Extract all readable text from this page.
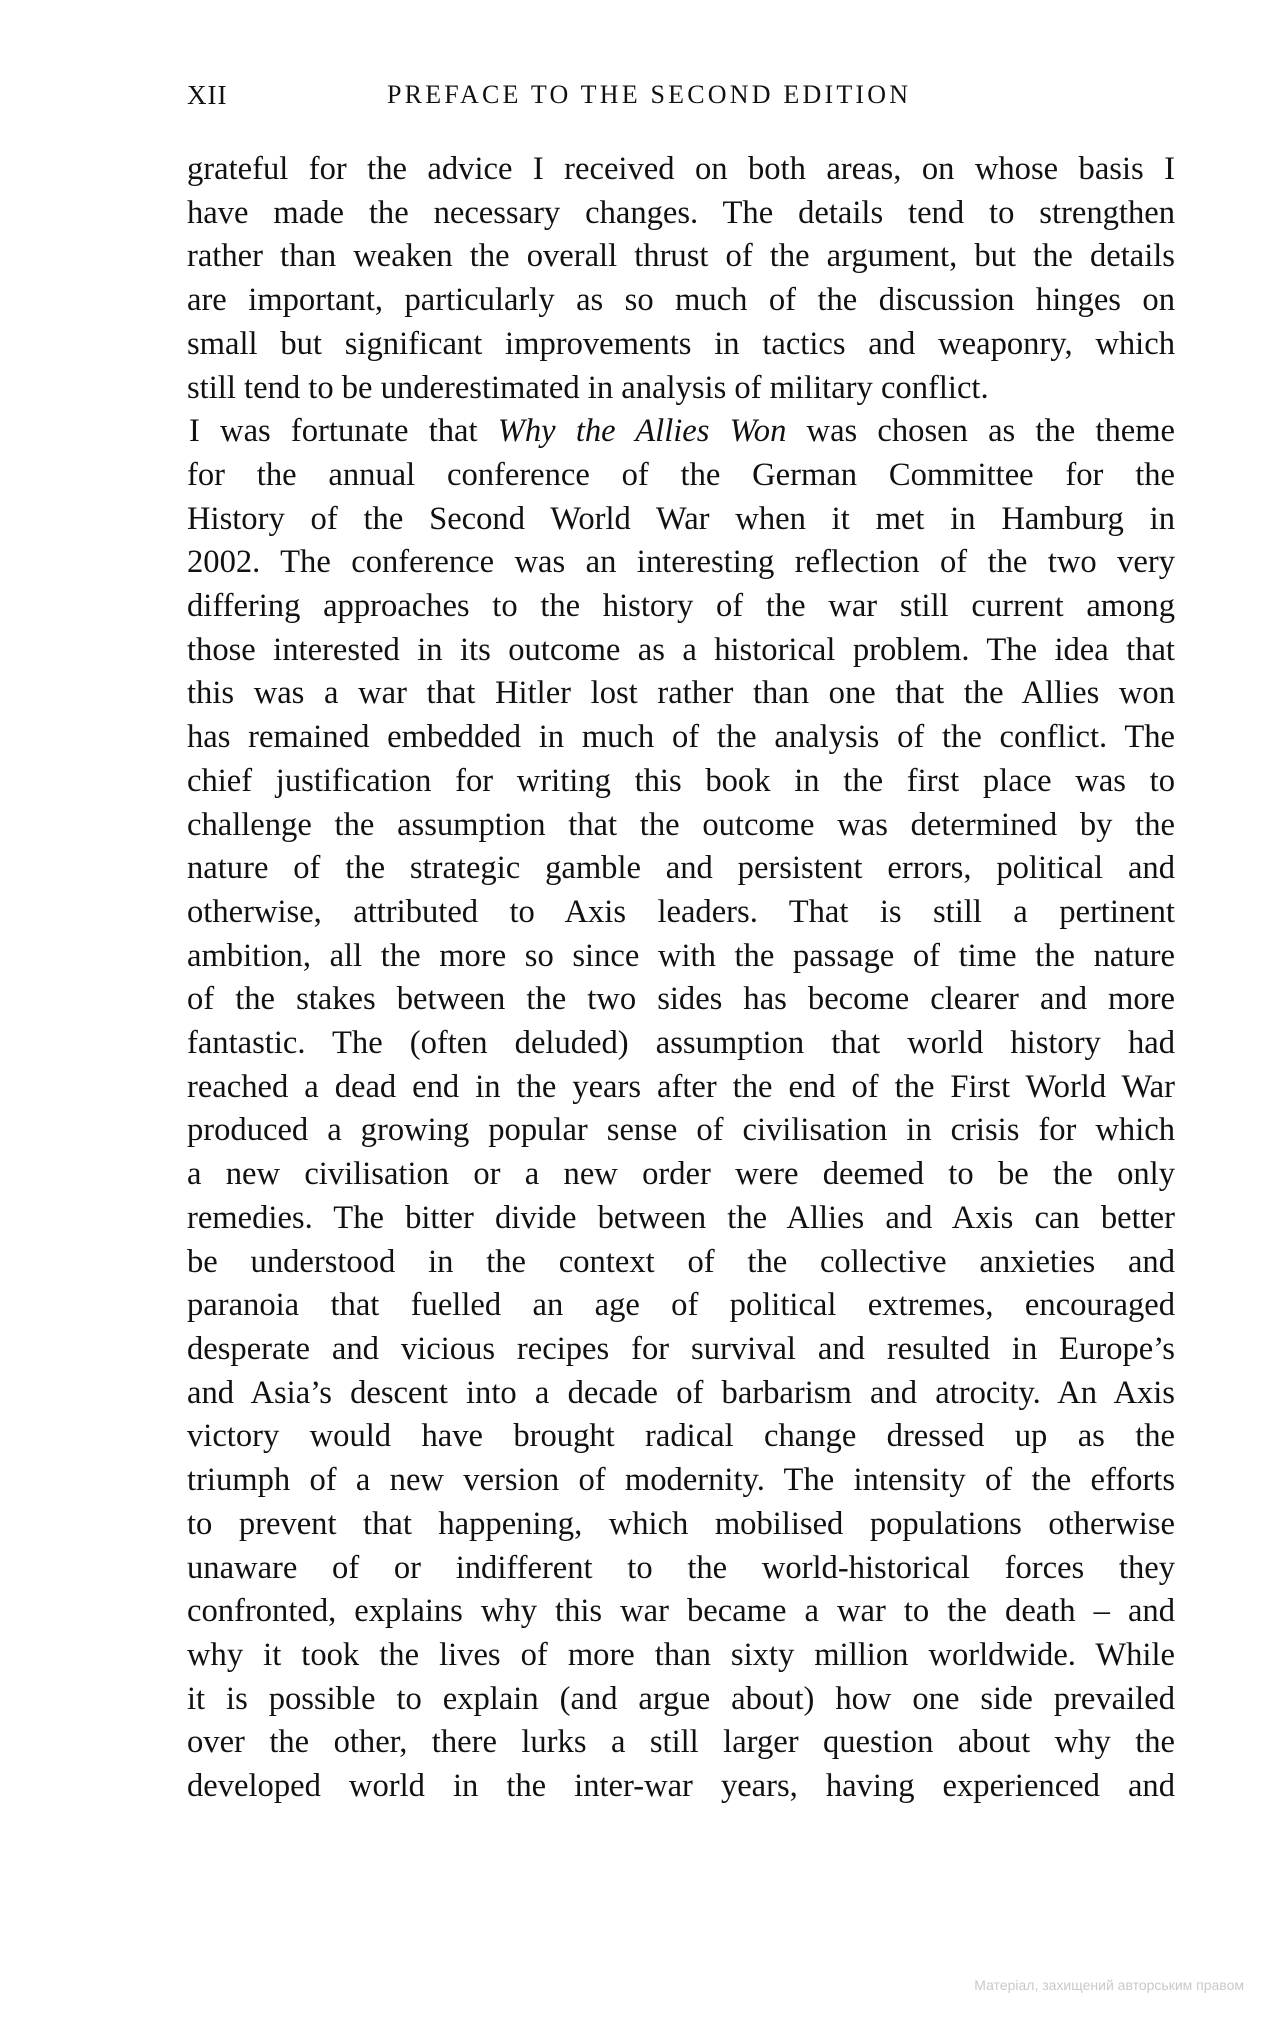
XII	PREFACE TO THE SECOND EDITION
grateful for the advice I received on both areas, on whose basis I
have made the necessary changes. The details tend to strengthen
rather than weaken the overall thrust of the argument, but the details
are important, particularly as so much of the discussion hinges on
small but significant improvements in tactics and weaponry, which
still tend to be underestimated in analysis of military conflict.
I was fortunate that Why the Allies Won was chosen as the theme
for the annual conference of the German Committee for the
History of the Second World War when it met in Hamburg in
2002. The conference was an interesting reflection of the two very
differing approaches to the history of the war still current among
those interested in its outcome as a historical problem. The idea that
this was a war that Hitler lost rather than one that the Allies won
has remained embedded in much of the analysis of the conflict. The
chief justification for writing this book in the first place was to
challenge the assumption that the outcome was determined by the
nature of the strategic gamble and persistent errors, political and
otherwise, attributed to Axis leaders. That is still a pertinent
ambition, all the more so since with the passage of time the nature
of the stakes between the two sides has become clearer and more
fantastic. The (often deluded) assumption that world history had
reached a dead end in the years after the end of the First World War
produced a growing popular sense of civilisation in crisis for which
a new civilisation or a new order were deemed to be the only
remedies. The bitter divide between the Allies and Axis can better
be understood in the context of the collective anxieties and
paranoia that fuelled an age of political extremes, encouraged
desperate and vicious recipes for survival and resulted in Europe’s
and Asia’s descent into a decade of barbarism and atrocity. An Axis
victory would have brought radical change dressed up as the
triumph of a new version of modernity. The intensity of the efforts
to prevent that happening, which mobilised populations otherwise
unaware of or indifferent to the world-historical forces they
confronted, explains why this war became a war to the death – and
why it took the lives of more than sixty million worldwide. While
it is possible to explain (and argue about) how one side prevailed
over the other, there lurks a still larger question about why the
developed world in the inter-war years, having experienced and
Матеріал, захищений авторським правом
